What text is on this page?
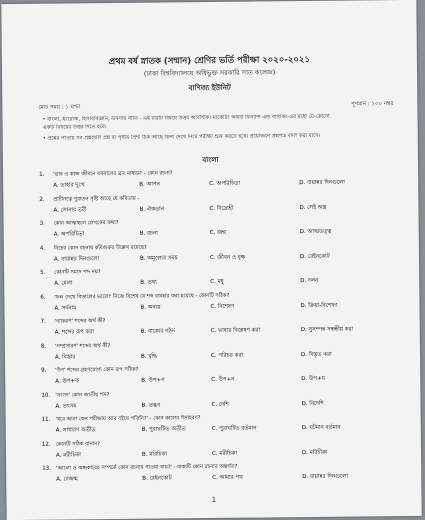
প্রথম বর্ষ স্নাতক (সম্মান) শ্রেণির ভর্তি পরীক্ষা ২০২০-২০২১
(ঢাকা বিশ্ববিদ্যালয়ে অধিভুক্ত সরকারি সাত কলেজ)
বাণিজ্য ইউনিট
মোট সময় : ১ ঘণ্টা
পূর্ণমান : ১০০ নম্বর
• বাংলা, ইংরেজি, হিসাববিজ্ঞান, ব্যবসায় নীতি - এই চারটি বিষয়ে উত্তর আবশ্যিক। মার্কেটিং অথবা ফিন্যান্স এন্ড ব্যাংকিং-এর মধ্যে যে-কোনো
একটি বিষয়ের উত্তর দিতে হবে।
• প্রশ্নের পাতায় সব প্রশ্নগুলি প্রশ্ন বা পৃষ্ঠায় প্রিন্ট ঠিক আছে কিনা দেখে নিয়ে পরীক্ষা শুরু করতে হবে। প্রয়োজনে প্রশ্নপত্র বদল করা যাবে।
বাংলা
1. 'ভাব ও কাজ জীবনে বসবাসের ব্রত মাধ্যমে' - কোন রচনা?
A. তাহার দুঃখ	B. আপন	C. অপরিচিতা	D. বায়ান্নর দিনগুলো
2. প্রাচীনত্বে পুরাতন সৃষ্টি আছে যে কবিতায় -
A. সোনার তরী	B. ঐকতান	C. বিদ্রোহী	D. সেই অস্ত্র
3. কোন আত্মস্থলে লেখকের কথা?
A. অপরিচিতা	B. রচনা	C. জন্ম	D. আত্মতত্ত্ব
4. নিচের কোন রচনায় কবিগুরুর উল্লেখ রয়েছে?
A. বায়ান্নর দিনগুলো	B. অমূল্যের সময়	C. জীবন ও বৃক্ষ	D. রেইনকোট
5. কোনটি সমাস শব্দ নয়?
A. মেলা	B. তথ্য	C. মধু	D. দলন
6. 'ফল দেখে বিড়ালের ভালো' নিজে বিশেষ যে শব্দ ব্যবহার করা হয়েছে - কোনটি সঠিক?
A. সর্বনাম	B. অব্যয়	C. বিশেষণ	D. ক্রিয়া-বিশেষণ
7. 'ব্যাকরণ' শব্দের অর্থ কী?
A. শব্দের রূপ করা	B. বাক্যের গঠন	C. ভাষার বিশ্লেষণ করা	D. সুসম্পন্ন সম্বন্ধীয় করা
8. 'সম্প্রসারণ' শব্দের অর্থ কী?
A. বিস্তার	B. বৃদ্ধি	C. পরিচয় করা	D. বিস্তৃত করা
9. 'উপ' শব্দের গ্রহণযোগ্য কোন রূপ সঠিক?
A. উপ+ক	B. উপ+গ	C. উপ+ন	D. উপ+ঘ
10. 'সংসদ' কোন জাতীয় শব্দ?
A. তৎসম	B. তদ্ভব	C. দেশি	D. বিদেশি
11. 'ধরে আনা কেন পরীক্ষায় আর বইয়ে পড়িনি?' - কোন কালের উদাহরণ?
A. সাধারণ অতীত	B. পুরাঘটিত অতীত	C. পুরাঘটিত বর্তমান	D. ঘটমান বর্তমান
12. কোনটি সঠিক বানান?
A. মরীচিকা	B. মরিচিকা	C. মরীচিকা	D. মরিচীকা
13. 'আলো ও অন্ধকারের সম্পর্কে কোন রচনায় পাওয়া যায়?' - বাক্যটি কোন রচনার অন্তর্গত?
A. বেজন্ম	B. রেইনকোট	C. আমার পথ	D. বায়ান্নর দিনগুলো
1
